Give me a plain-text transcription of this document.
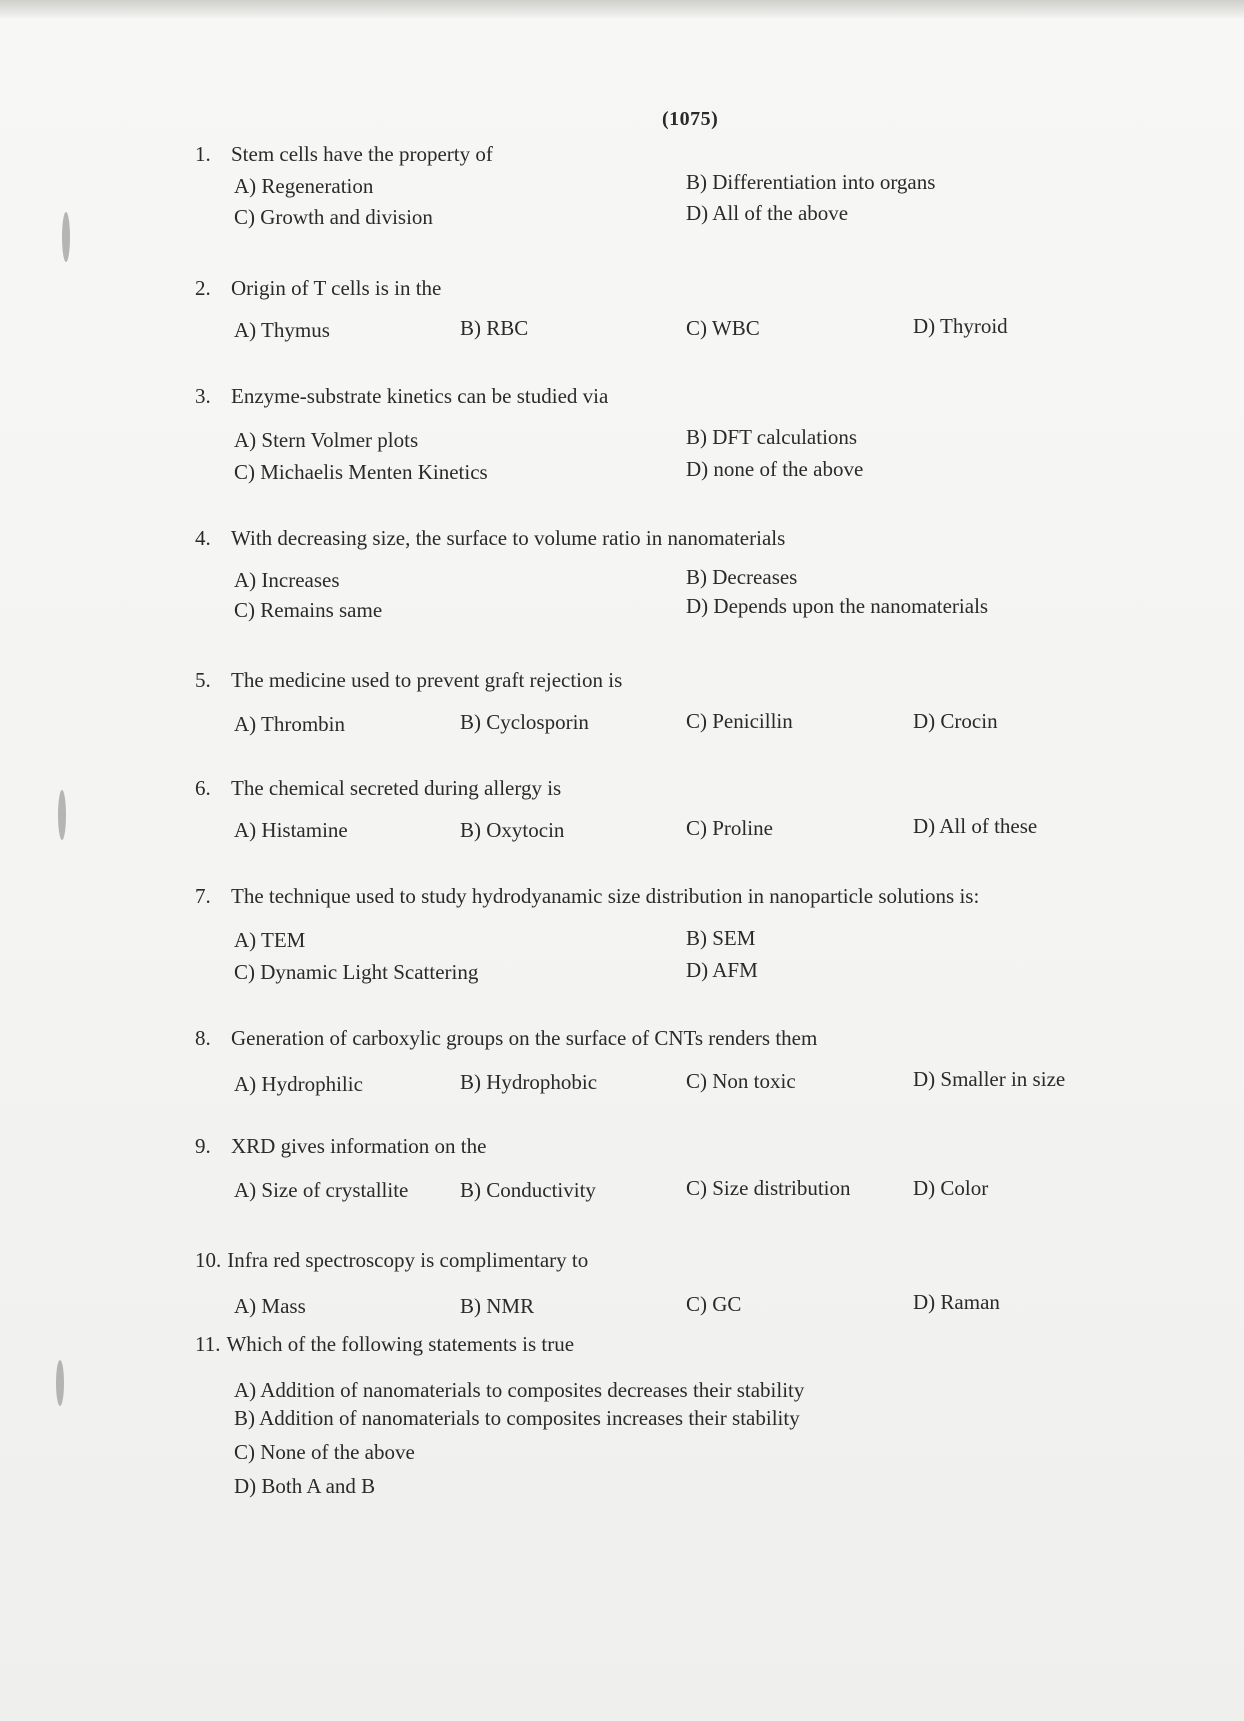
(1075)
1. Stem cells have the property of
A) Regeneration	B) Differentiation into organs
C) Growth and division	D) All of the above
2. Origin of T cells is in the
A) Thymus	B) RBC	C) WBC	D) Thyroid
3. Enzyme-substrate kinetics can be studied via
A) Stern Volmer plots	B) DFT calculations
C) Michaelis Menten Kinetics	D) none of the above
4. With decreasing size, the surface to volume ratio in nanomaterials
A) Increases	B) Decreases
C) Remains same	D) Depends upon the nanomaterials
5. The medicine used to prevent graft rejection is
A) Thrombin	B) Cyclosporin	C) Penicillin	D) Crocin
6. The chemical secreted during allergy is
A) Histamine	B) Oxytocin	C) Proline	D) All of these
7. The technique used to study hydrodyanamic size distribution in nanoparticle solutions is:
A) TEM	B) SEM
C) Dynamic Light Scattering	D) AFM
8. Generation of carboxylic groups on the surface of CNTs renders them
A) Hydrophilic	B) Hydrophobic	C) Non toxic	D) Smaller in size
9. XRD gives information on the
A) Size of crystallite B) Conductivity	C) Size distribution	D) Color
10. Infra red spectroscopy is complimentary to
A) Mass	B) NMR	C) GC	D) Raman
11. Which of the following statements is true
A) Addition of nanomaterials to composites decreases their stability
B) Addition of nanomaterials to composites increases their stability
C) None of the above
D) Both A and B
